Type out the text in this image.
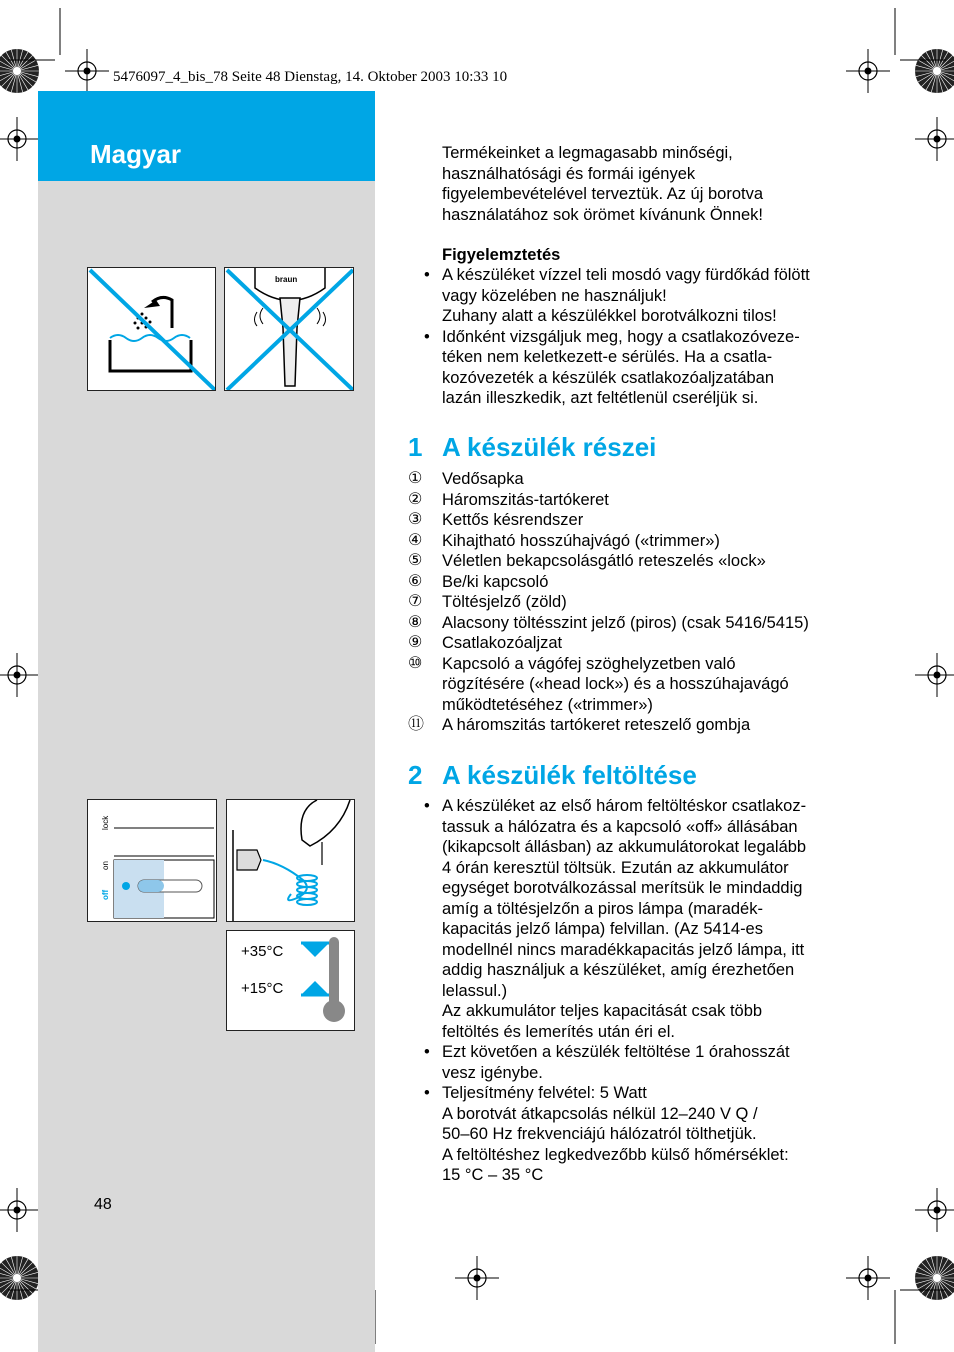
5476097_4_bis_78 Seite 48 Dienstag, 14. Oktober 2003 10:33 10
Magyar
braun
lock
on
off
+35°C
+15°C
48

Termékeinket a legmagasabb minőségi,

használhatósági és formái igények

figyelembevételével terveztük. Az új borotva

használatához sok örömet kívánunk Önnek!

Figyelemztetés
• A készüléket vízzel teli mosdó vagy fürdőkád fölött
vagy közelében ne használjuk!
Zuhany alatt a készülékkel borotválkozni tilos!
• Időnként vizsgáljuk meg, hogy a csatlakozóveze-
téken nem keletkezett-e sérülés. Ha a csatla-
kozóvezeték a készülék csatlakozóaljzatában
lazán illeszkedik, azt feltétlenül cseréljük si.
1 A készülék részei
① Vedősapka
② Háromszitás-tartókeret
③ Kettős késrendszer
④ Kihajtható hosszúhajvágó («trimmer»)
⑤ Véletlen bekapcsolásgátló reteszelés «lock»
⑥ Be/ki kapcsoló
⑦ Töltésjelző (zöld)
⑧ Alacsony töltésszint jelző (piros) (csak 5416/5415)
⑨ Csatlakozóaljzat
⑩ Kapcsoló a vágófej szöghelyzetben való
rögzítésére («head lock») és a hosszúhajavágó
működtetéséhez («trimmer»)
⑪ A háromszitás tartókeret reteszelő gombja
2 A készülék feltöltése
• A készüléket az első három feltöltéskor csatlakoz-
tassuk a hálózatra és a kapcsoló «off» állásában
(kikapcsolt állásban) az akkumulátorokat legalább
4 órán keresztül töltsük. Ezután az akkumulátor
egységet borotválkozással merítsük le mindaddig
amíg a töltésjelzőn a piros lámpa (maradék-
kapacitás jelző lámpa) felvillan. (Az 5414-es
modellnél nincs maradékkapacitás jelző lámpa, itt
addig használjuk a készüléket, amíg érezhetően
lelassul.)
Az akkumulátor teljes kapacitását csak több
feltöltés és lemerítés után éri el.
• Ezt követően a készülék feltöltése 1 órahosszát
vesz igénybe.
• Teljesítmény felvétel: 5 Watt
A borotvát átkapcsolás nélkül 12–240 V Q /
50–60 Hz frekvenciájú hálózatról tölthetjük.
A feltöltéshez legkedvezőbb külső hőmérséklet:
15 °C – 35 °C
